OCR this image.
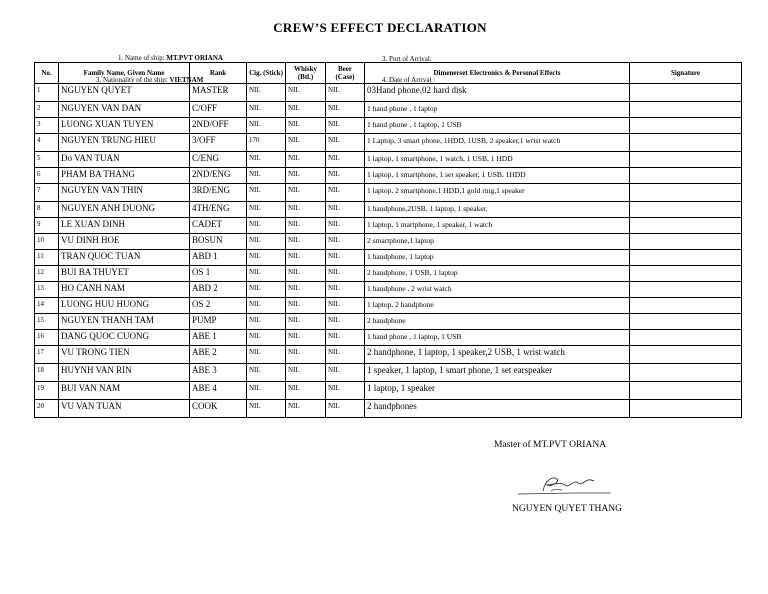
CREW’S EFFECT DECLARATION
1. Name of ship: MT.PVT ORIANA
3. Nationality of the ship: VIETNAM
3. Port of Arrival:
4. Date of Arrival :
No.	Family Name, Given Name	Rank	Cig. (Stick)	Whisky (Btl.)	Beer (Case)	Dimenerset Electronics & Personal Effects	Signature
1	NGUYEN QUYET	MASTER	NIL	NIL	NIL	03Hand phone,02 hard disk	
2	NGUYEN VAN DAN	C/OFF	NIL	NIL	NIL	1 hand phone , 1 laptop	
3	LUONG XUAN TUYEN	2ND/OFF	NIL	NIL	NIL	1 hand phone , 1 laptop, 1 USB	
4	NGUYEN TRUNG HIEU	3/OFF	170	NIL	NIL	1 Laptop, 3 smart phone, 1HDD, 1USB, 2 speaker,1 wrist watch	
5	Do VAN TUAN	C/ENG	NIL	NIL	NIL	1 laptop, 1 smartphone, 1 watch, 1 USB, 1 HDD	
6	PHAM BA THANG	2ND/ENG	NIL	NIL	NIL	1 laptop, 1 smartphone, 1 set speaker, 1 USB, 1HDD	
7	NGUYEN VAN THIN	3RD/ENG	NIL	NIL	NIL	1 laptop, 2 smartphone,1 HDD,1 gold ring,1 speaker	
8	NGUYEN ANH DUONG	4TH/ENG	NIL	NIL	NIL	1 handphone,2USB, 1 laptop, 1 speaker.	
9	LE XUAN DINH	CADET	NIL	NIL	NIL	1 laptop, 1 martphone, 1 speaker, 1 watch	
10	VU DINH HOE	BOSUN	NIL	NIL	NIL	2 smartphone,1 laptop	
11	TRAN QUOC TUAN	ABD 1	NIL	NIL	NIL	1 handphone, 1 laptop	
12	BUI BA THUYET	OS 1	NIL	NIL	NIL	2 handphone, 1 USB, 1 laptop	
13	HO CANH NAM	ABD 2	NIL	NIL	NIL	1 handphone , 2 wrist watch	
14	LUONG HUU HUONG	OS 2	NIL	NIL	NIL	1 laptop, 2 handphone	
15	NGUYEN THANH TAM	PUMP	NIL	NIL	NIL	2 handphone	
16	DANG QUOC CUONG	ABE 1	NIL	NIL	NIL	1 hand phone , 1 laptop, 1 USB	
17	VU TRONG TIEN	ABE 2	NIL	NIL	NIL	2 handphone, 1 laptop, 1 speaker,2 USB, 1 wrist watch	
18	HUYNH VAN RIN	ABE 3	NIL	NIL	NIL	1 speaker, 1 laptop, 1 smart phone, 1 set earspeaker	
19	BUI VAN NAM	ABE 4	NIL	NIL	NIL	1 laptop, 1 speaker	
20	VU VAN TUAN	COOK	NIL	NIL	NIL	2 handphones	
Master of MT.PVT ORIANA
NGUYEN QUYET THANG
